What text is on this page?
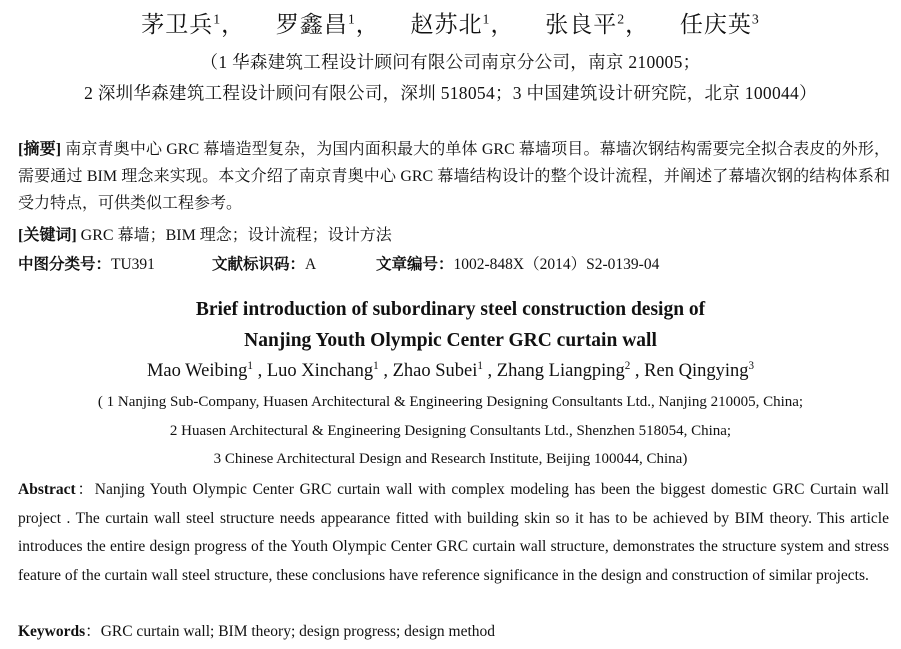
茅卫兵$^1$， 罗鑫昌$^1$， 赵苏北$^1$， 张良平$^2$， 任庆英$^3$
（1 华森建筑工程设计顾问有限公司南京分公司，南京 210005；
2 深圳华森建筑工程设计顾问有限公司，深圳 518054；3 中国建筑设计研究院，北京 100044）
[摘要] 南京青奥中心 GRC 幕墙造型复杂，为国内面积最大的单体 GRC 幕墙项目。幕墙次钢结构需要完全拟合表皮的外形，需要通过 BIM 理念来实现。本文介绍了南京青奥中心 GRC 幕墙结构设计的整个设计流程，并阐述了幕墙次钢的结构体系和受力特点，可供类似工程参考。
[关键词] GRC 幕墙；BIM 理念；设计流程；设计方法
中图分类号：TU391	文献标识码：A	文章编号：1002-848X（2014）S2-0139-04
Brief introduction of subordinary steel construction design of
Nanjing Youth Olympic Center GRC curtain wall
Mao Weibing$^1$ , Luo Xinchang$^1$ , Zhao Subei$^1$ , Zhang Liangping$^2$ , Ren Qingying$^3$
( 1 Nanjing Sub-Company, Huasen Architectural & Engineering Designing Consultants Ltd., Nanjing 210005, China;
2 Huasen Architectural & Engineering Designing Consultants Ltd., Shenzhen 518054, China;
3 Chinese Architectural Design and Research Institute, Beijing 100044, China)
Abstract：Nanjing Youth Olympic Center GRC curtain wall with complex modeling has been the biggest domestic GRC Curtain wall project . The curtain wall steel structure needs appearance fitted with building skin so it has to be achieved by BIM theory. This article introduces the entire design progress of the Youth Olympic Center GRC curtain wall structure, demonstrates the structure system and stress feature of the curtain wall steel structure, these conclusions have reference significance in the design and construction of similar projects.
Keywords：GRC curtain wall; BIM theory; design progress; design method
